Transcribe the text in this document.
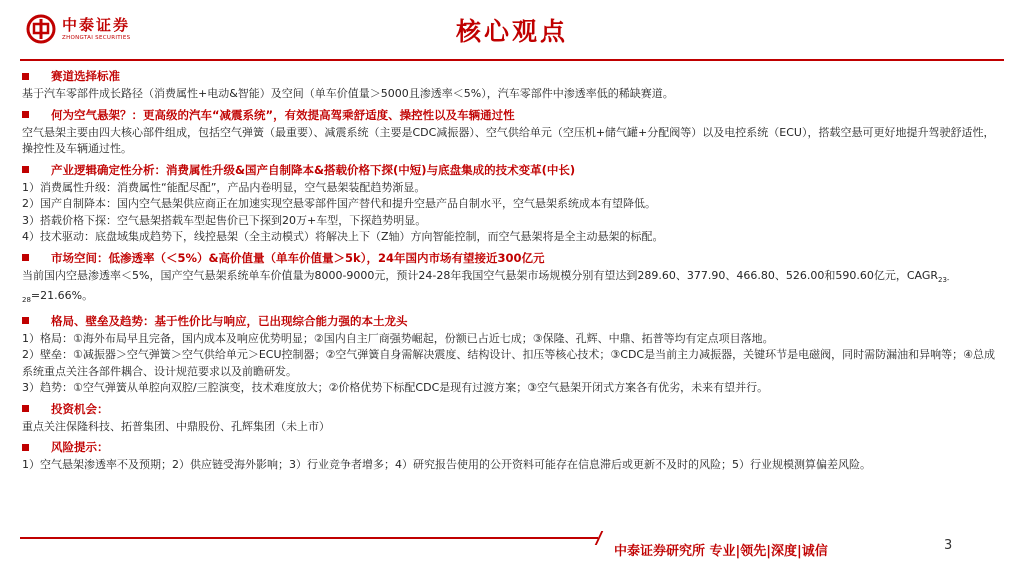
中泰证券
ZHONGTAI SECURITIES	核心观点
赛道选择标准
基于汽车零部件成长路径（消费属性+电动&智能）及空间（单车价值量＞5000且渗透率＜5%），汽车零部件中渗透率低的稀缺赛道。
何为空气悬架？：更高级的汽车“减震系统”，有效提高驾乘舒适度、操控性以及车辆通过性
空气悬架主要由四大核心部件组成，包括空气弹簧（最重要）、减震系统（主要是CDC减振器）、空气供给单元（空压机+储气罐+分配阀等）以及电控系统（ECU），搭载空悬可更好地提升驾驶舒适性，操控性及车辆通过性。
产业逻辑确定性分析：消费属性升级&国产自制降本&搭载价格下探(中短)与底盘集成的技术变革(中长)
1）消费属性升级：消费属性“能配尽配”，产品内卷明显，空气悬架装配趋势渐显。
2）国产自制降本：国内空气悬架供应商正在加速实现空悬零部件国产替代和提升空悬产品自制水平，空气悬架系统成本有望降低。
3）搭载价格下探：空气悬架搭载车型起售价已下探到20万+车型，下探趋势明显。
4）技术驱动：底盘域集成趋势下，线控悬架（全主动模式）将解决上下（Z轴）方向智能控制，而空气悬架将是全主动悬架的标配。
市场空间：低渗透率（＜5%）&高价值量（单车价值量＞5k），24年国内市场有望接近300亿元
当前国内空悬渗透率＜5%，国产空气悬架系统单车价值量为8000-9000元，预计24-28年我国空气悬架市场规模分别有望达到289.60、377.90、466.80、526.00和590.60亿元，$CAGR_{23-28}=21.66\%$。
格局、壁垒及趋势：基于性价比与响应，已出现综合能力强的本土龙头
1）格局：①海外布局早且完备，国内成本及响应优势明显；②国内自主厂商强势崛起，份额已占近七成；③保隆、孔辉、中鼎、拓普等均有定点项目落地。
2）壁垒：①减振器＞空气弹簧＞空气供给单元＞ECU控制器；②空气弹簧自身需解决震度、结构设计、扣压等核心技术；③CDC是当前主力减振器，关键环节是电磁阀，同时需防漏油和异响等；④总成系统重点关注各部件耦合、设计规范要求以及前瞻研发。
3）趋势：①空气弹簧从单腔向双腔/三腔演变，技术难度放大；②价格优势下标配CDC是现有过渡方案；③空气悬架开闭式方案各有优劣，未来有望并行。
投资机会：
重点关注保隆科技、拓普集团、中鼎股份、孔辉集团（未上市）
风险提示：
1）空气悬架渗透率不及预期；2）供应链受海外影响；3）行业竞争者增多；4）研究报告使用的公开资料可能存在信息滞后或更新不及时的风险；5）行业规模测算偏差风险。
中泰证券研究所 专业|领先|深度|诚信	3
